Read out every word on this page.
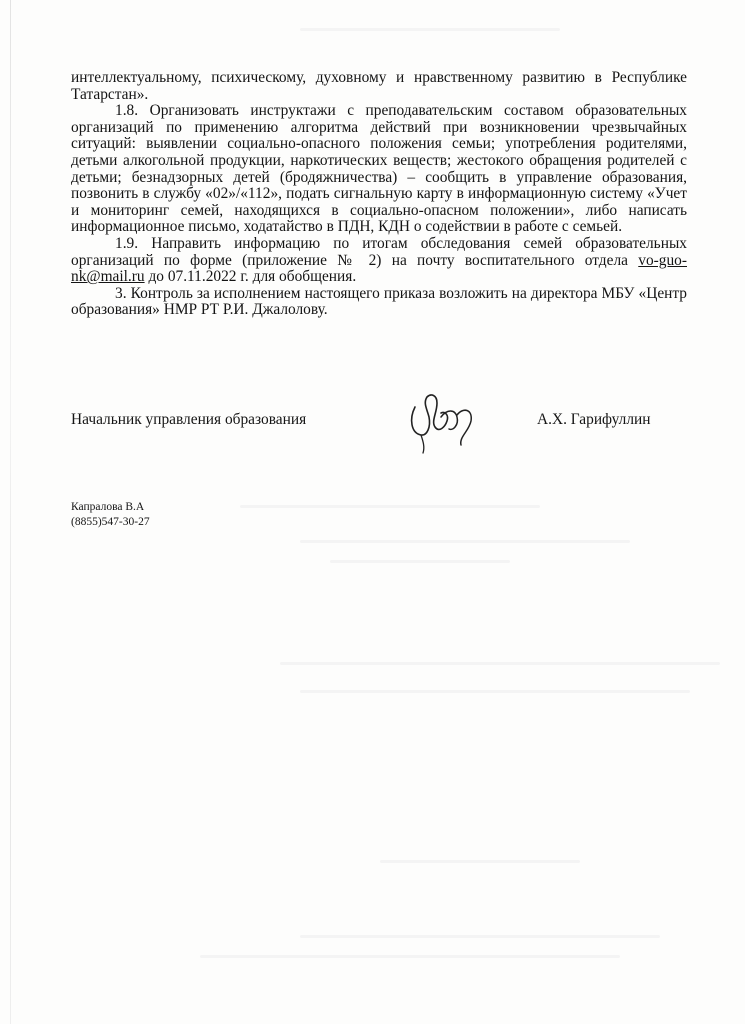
интеллектуальному, психическому, духовному и нравственному развитию в Республике Татарстан».

1.8. Организовать инструктажи с преподавательским составом образовательных организаций по применению алгоритма действий при возникновении чрезвычайных ситуаций: выявлении социально-опасного положения семьи; употребления родителями, детьми алкогольной продукции, наркотических веществ; жестокого обращения родителей с детьми; безнадзорных детей (бродяжничества) – сообщить в управление образования, позвонить в службу «02»/«112», подать сигнальную карту в информационную систему «Учет и мониторинг семей, находящихся в социально-опасном положении», либо написать информационное письмо, ходатайство в ПДН, КДН о содействии в работе с семьей.

1.9. Направить информацию по итогам обследования семей образовательных организаций по форме (приложение № 2) на почту воспитательного отдела vo-guo-nk@mail.ru до 07.11.2022 г. для обобщения.

3. Контроль за исполнением настоящего приказа возложить на директора МБУ «Центр образования» НМР РТ Р.И. Джалолову.

Начальник управления образования	А.Х. Гарифуллин
Капралова В.А
(8855)547-30-27
